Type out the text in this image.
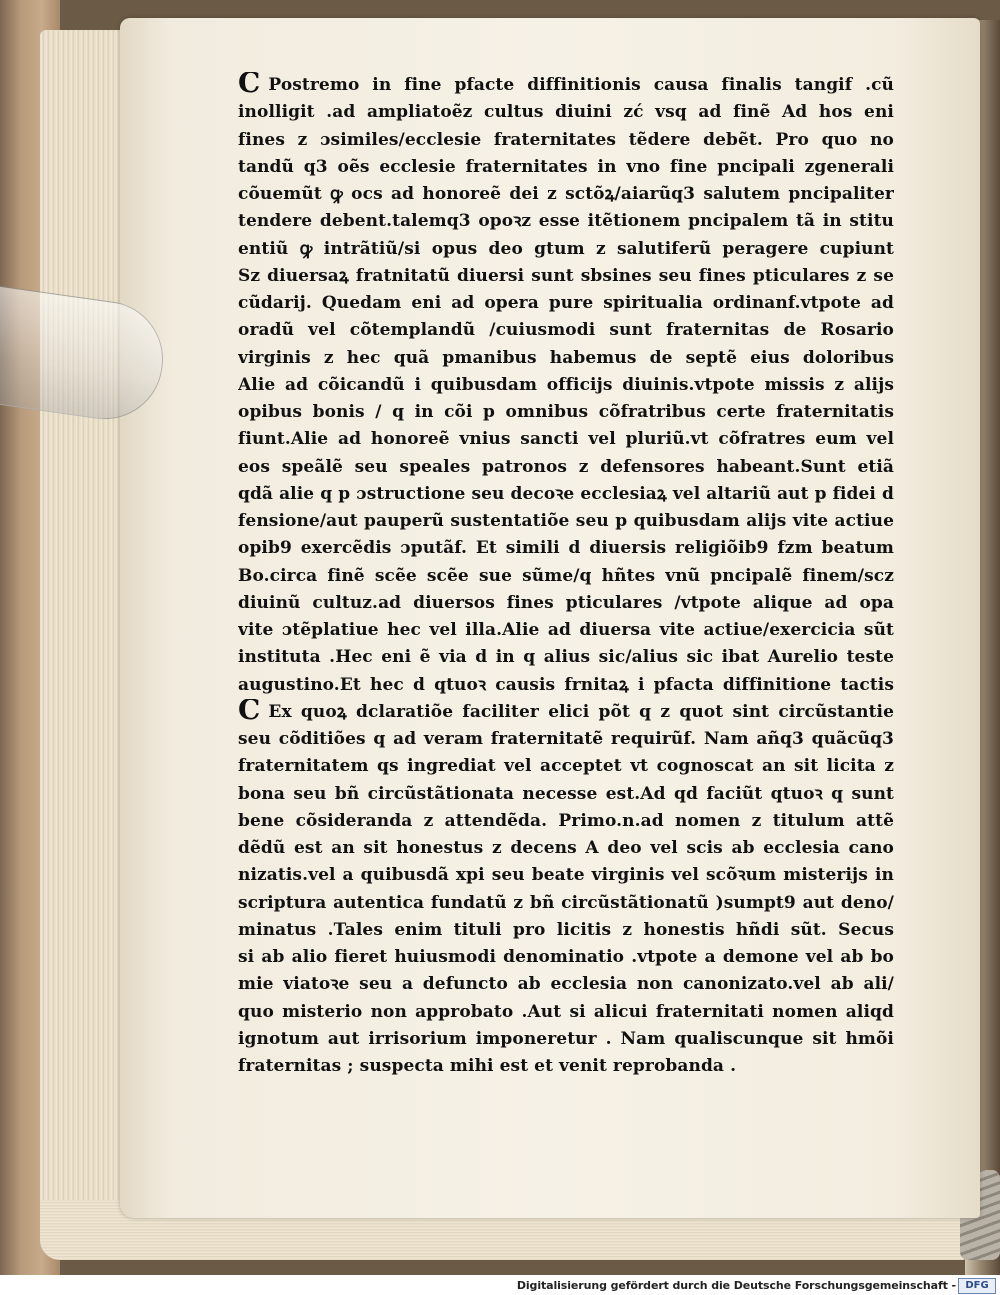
C Postremo in fine pfacte diffinitionis causa finalis tangif .cũ
inolligit .ad ampliatoẽz cultus diuini zć vsq ad finẽ Ad hos eni
fines z ɔsimiles/ecclesie fraternitates tẽdere debẽt. Pro quo no
tandũ q3 oẽs ecclesie fraternitates in vno fine pncipali zgenerali
cõuemũt ꝙ ocs ad honoreẽ dei z sctõꝝ/aiarũq3 salutem pncipaliter
tendere debent.talemq3 opoꝛz esse itẽtionem pncipalem tã in stitu
entiũ ꝙ intrãtiũ/si opus deo gtum z salutiferũ peragere cupiunt
Sz diuersaꝝ fratnitatũ diuersi sunt sbsines seu fines pticulares z se
cũdarij. Quedam eni ad opera pure spiritualia ordinanf.vtpote ad
oradũ vel cõtemplandũ /cuiusmodi sunt fraternitas de Rosario
virginis z hec quã pmanibus habemus de septẽ eius doloribus
Alie ad cõicandũ i quibusdam officijs diuinis.vtpote missis z alijs
opibus bonis / q in cõi p omnibus cõfratribus certe fraternitatis
fiunt.Alie ad honoreẽ vnius sancti vel pluriũ.vt cõfratres eum vel
eos speãlẽ seu speales patronos z defensores habeant.Sunt etiã
qdã alie q p ɔstructione seu decoꝛe ecclesiaꝝ vel altariũ aut p fidei d
fensione/aut pauperũ sustentatiõe seu p quibusdam alijs vite actiue
opib9 exercẽdis ɔputãf. Et simili d diuersis religiõib9 fzm beatum
Bo.circa finẽ scẽe scẽe sue sũme/q hñtes vnũ pncipalẽ finem/scz
diuinũ cultuz.ad diuersos fines pticulares /vtpote alique ad opa
vite ɔtẽplatiue hec vel illa.Alie ad diuersa vite actiue/exercicia sũt
instituta .Hec eni ẽ via d in q alius sic/alius sic ibat Aurelio teste
augustino.Et hec d qtuoꝛ causis frnitaꝝ i pfacta diffinitione tactis
C Ex quoꝝ dclaratiõe faciliter elici põt q z quot sint circũstantie
seu cõditiões q ad veram fraternitatẽ requirũf. Nam añq3 quãcũq3
fraternitatem qs ingrediat vel acceptet vt cognoscat an sit licita z
bona seu bñ circũstãtionata necesse est.Ad qd faciũt qtuoꝛ q sunt
bene cõsideranda z attendẽda. Primo.n.ad nomen z titulum attẽ
dẽdũ est an sit honestus z decens A deo vel scis ab ecclesia cano
nizatis.vel a quibusdã xpi seu beate virginis vel scõꝛum misterijs in
scriptura autentica fundatũ z bñ circũstãtionatũ )sumpt9 aut deno/
minatus .Tales enim tituli pro licitis z honestis hñdi sũt. Secus
si ab alio fieret huiusmodi denominatio .vtpote a demone vel ab bo
mie viatoꝛe seu a defuncto ab ecclesia non canonizato.vel ab ali/
quo misterio non approbato .Aut si alicui fraternitati nomen aliqd
ignotum aut irrisorium imponeretur . Nam qualiscunque sit hmõi
fraternitas ; suspecta mihi est et venit reprobanda .
Digitalisierung gefördert durch die Deutsche Forschungsgemeinschaft - DFG
